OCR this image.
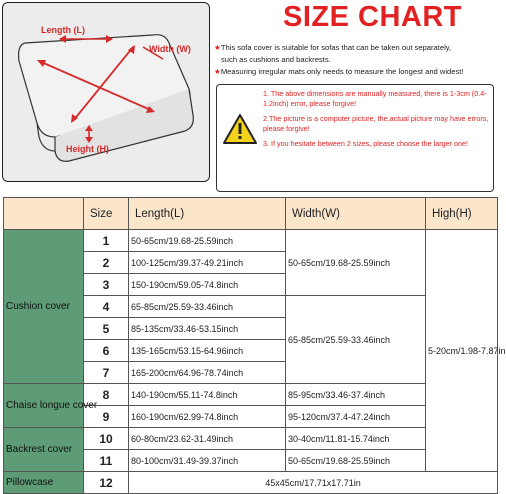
Length (L)
Width (W)
Height (H)
SIZE CHART
★This sofa cover is suitable for sofas that can be taken out separately,
such as cushions and backrests.
★Measuring irregular mats only needs to measure the longest and widest!

1. The above dimensions are manually measured, there is 1-3cm (0.4-1.2inch) error, please forgive!

2.The picture is a computer picture, the.actual picture may have errors, please forgive!

3. If you hesitate between 2 sizes, please choose the larger one!

	Size	Length(L)	Width(W)	High(H)
Cushion cover	1	50-65cm/19.68-25.59inch	50-65cm/19.68-25.59inch	5-20cm/1.98-7.87in
	2	100-125cm/39.37-49.21inch		
	3	150-190cm/59.05-74.8inch		
	4	65-85cm/25.59-33.46inch	65-85cm/25.59-33.46inch	
	5	85-135cm/33.46-53.15inch		
	6	135-165cm/53.15-64.96inch		
	7	165-200cm/64.96-78.74inch		
Chaise longue cover	8	140-190cm/55.11-74.8inch	85-95cm/33.46-37.4inch	
	9	160-190cm/62.99-74.8inch	95-120cm/37.4-47.24inch	
Backrest cover	10	60-80cm/23.62-31.49inch	30-40cm/11.81-15.74inch	
	11	80-100cm/31.49-39.37inch	50-65cm/19.68-25.59inch	
Pillowcase	12	45x45cm/17.71x17.71in		
